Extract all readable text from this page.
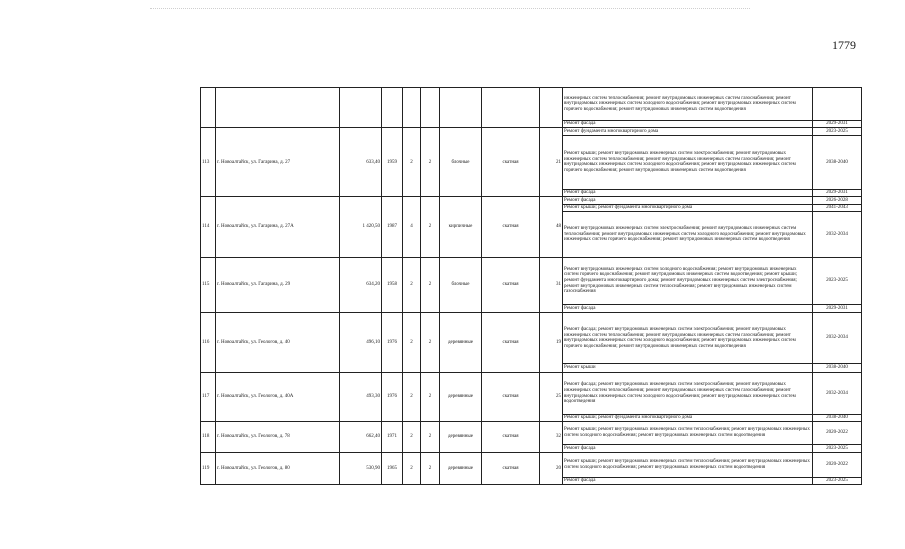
1779
									инженерных систем теплоснабжения; ремонт внутридомовых инженерных систем газоснабжения; ремонт внутридомовых инженерных систем холодного водоснабжения; ремонт внутридомовых инженерных систем горячего водоснабжения; ремонт внутридомовых инженерных систем водоотведения	
									Ремонт фасада	2029-2031
113	г. Новоалтайск, ул. Гагарина, д. 27	633,40	1959	2	2	блочные	скатная	21	Ремонт фундамента многоквартирного дома	2023-2025
									Ремонт крыши; ремонт внутридомовых инженерных систем электроснабжения; ремонт внутридомовых инженерных систем теплоснабжения; ремонт внутридомовых инженерных систем газоснабжения; ремонт внутридомовых инженерных систем холодного водоснабжения; ремонт внутридомовых инженерных систем горячего водоснабжения; ремонт внутридомовых инженерных систем водоотведения	2038-2040
									Ремонт фасада	2029-2031
114	г. Новоалтайск, ул. Гагарина, д. 27А	1 420,50	1987	4	2	кирпичные	скатная	48	Ремонт фасада	2026-2028
									Ремонт крыши; ремонт фундамента многоквартирного дома	2041-2043
									Ремонт внутридомовых инженерных систем электроснабжения; ремонт внутридомовых инженерных систем теплоснабжения; ремонт внутридомовых инженерных систем холодного водоснабжения; ремонт внутридомовых инженерных систем горячего водоснабжения; ремонт внутридомовых инженерных систем водоотведения	2032-2034
115	г. Новоалтайск, ул. Гагарина, д. 29	634,20	1958	2	2	блочные	скатная	31	Ремонт внутридомовых инженерных систем холодного водоснабжения; ремонт внутридомовых инженерных систем горячего водоснабжения; ремонт внутридомовых инженерных систем водоотведения; ремонт крыши; ремонт фундамента многоквартирного дома; ремонт внутридомовых инженерных систем электроснабжения; ремонт внутридомовых инженерных систем теплоснабжения; ремонт внутридомовых инженерных систем газоснабжения	2023-2025
									Ремонт фасада	2029-2031
116	г. Новоалтайск, ул. Геологов, д. 40	496,10	1976	2	2	деревянные	скатная	19	Ремонт фасада; ремонт внутридомовых инженерных систем электроснабжения; ремонт внутридомовых инженерных систем теплоснабжения; ремонт внутридомовых инженерных систем газоснабжения; ремонт внутридомовых инженерных систем холодного водоснабжения; ремонт внутридомовых инженерных систем горячего водоснабжения; ремонт внутридомовых инженерных систем водоотведения	2032-2034
									Ремонт крыши	2038-2040
117	г. Новоалтайск, ул. Геологов, д. 40А	493,30	1976	2	2	деревянные	скатная	25	Ремонт фасада; ремонт внутридомовых инженерных систем электроснабжения; ремонт внутридомовых инженерных систем теплоснабжения; ремонт внутридомовых инженерных систем газоснабжения; ремонт внутридомовых инженерных систем холодного водоснабжения; ремонт внутридомовых инженерных систем водоотведения	2032-2034
									Ремонт крыши; ремонт фундамента многоквартирного дома	2038-2040
118	г. Новоалтайск, ул. Геологов, д. 78	662,40	1971	2	2	деревянные	скатная	32	Ремонт крыши; ремонт внутридомовых инженерных систем теплоснабжения; ремонт внутридомовых инженерных систем холодного водоснабжения; ремонт внутридомовых инженерных систем водоотведения	2020-2022
									Ремонт фасада	2023-2025
119	г. Новоалтайск, ул. Геологов, д. 80	530,90	1965	2	2	деревянные	скатная	20	Ремонт крыши; ремонт внутридомовых инженерных систем теплоснабжения; ремонт внутридомовых инженерных систем холодного водоснабжения; ремонт внутридомовых инженерных систем водоотведения	2020-2022
									Ремонт фасада	2023-2025
